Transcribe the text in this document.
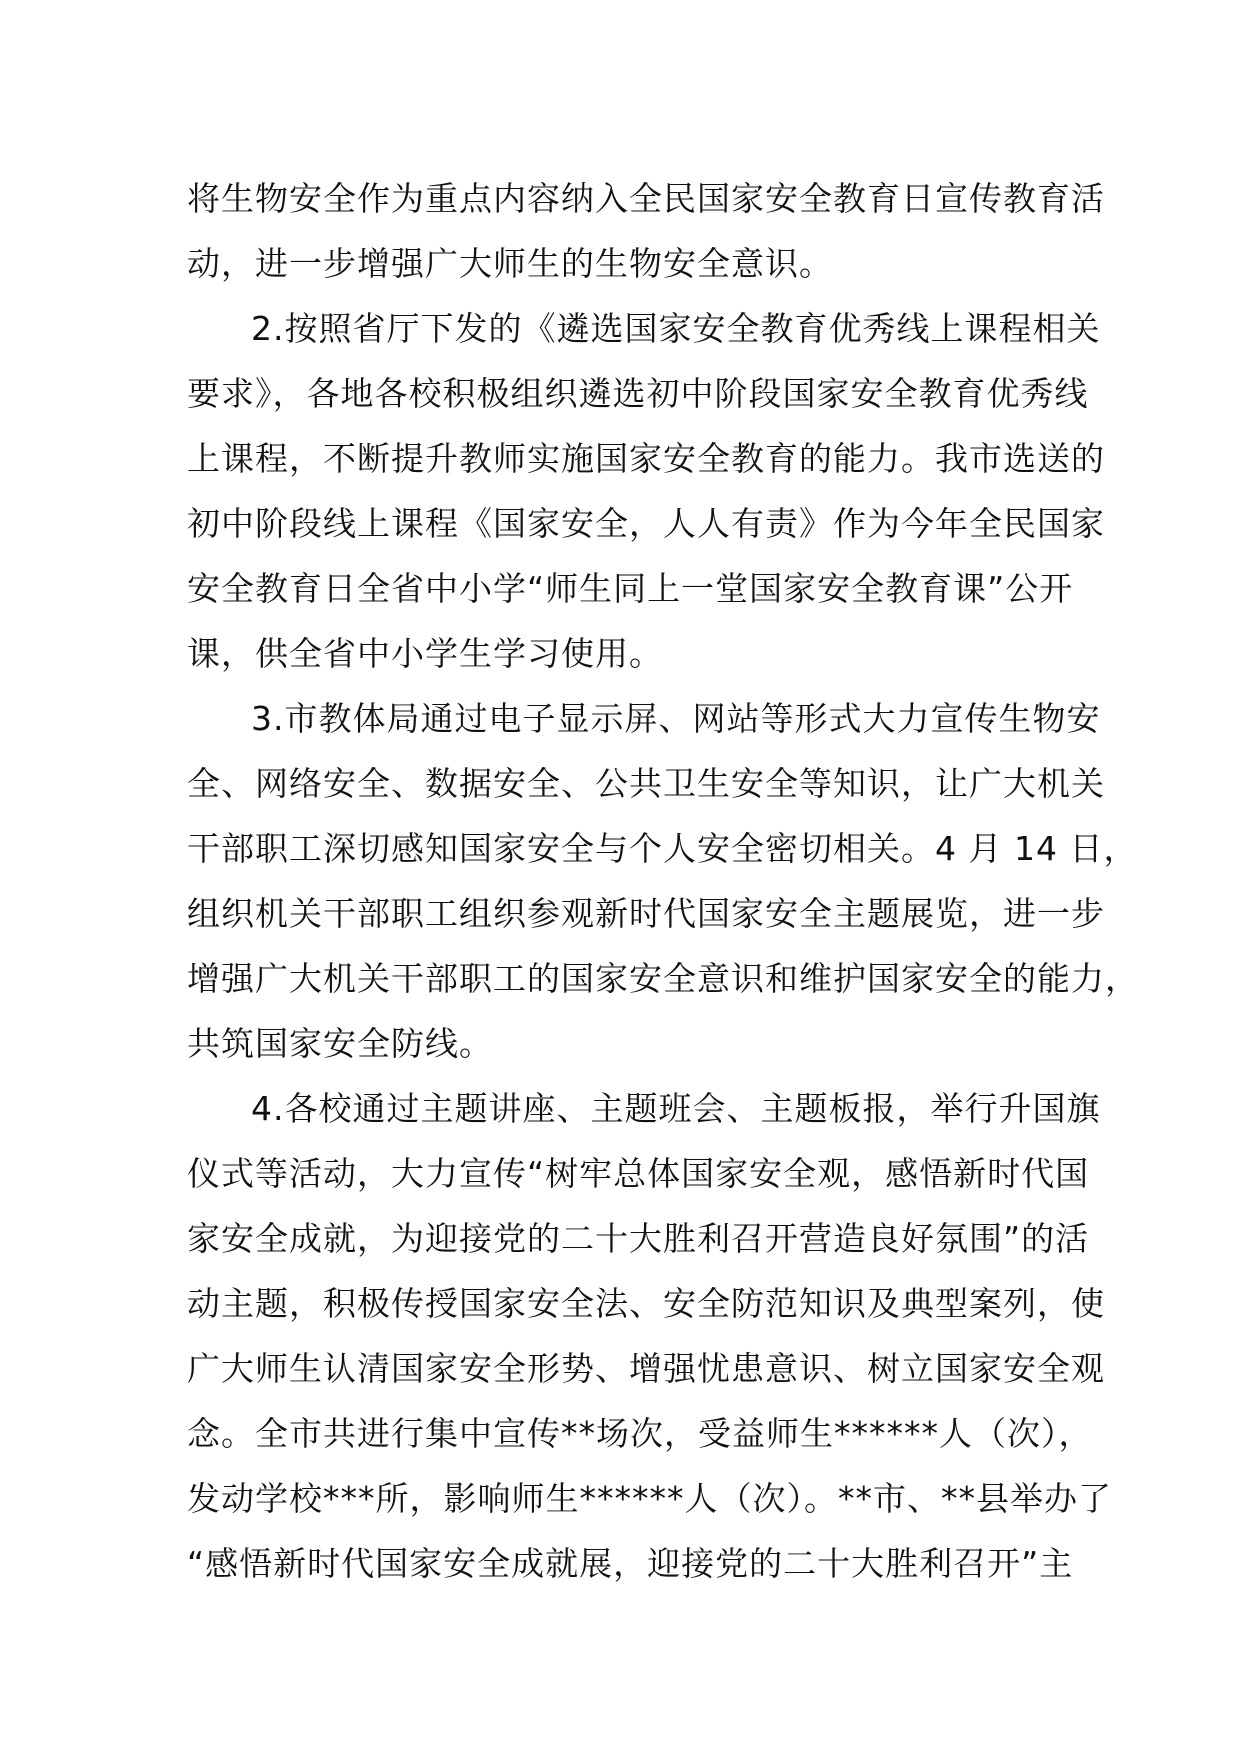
将生物安全作为重点内容纳入全民国家安全教育日宣传教育活
动，进一步增强广大师生的生物安全意识。
2.按照省厅下发的《遴选国家安全教育优秀线上课程相关
要求》，各地各校积极组织遴选初中阶段国家安全教育优秀线
上课程，不断提升教师实施国家安全教育的能力。我市选送的
初中阶段线上课程《国家安全，人人有责》作为今年全民国家
安全教育日全省中小学“师生同上一堂国家安全教育课”公开
课，供全省中小学生学习使用。
3.市教体局通过电子显示屏、网站等形式大力宣传生物安
全、网络安全、数据安全、公共卫生安全等知识，让广大机关
干部职工深切感知国家安全与个人安全密切相关。4 月 14 日，
组织机关干部职工组织参观新时代国家安全主题展览，进一步
增强广大机关干部职工的国家安全意识和维护国家安全的能力，
共筑国家安全防线。
4.各校通过主题讲座、主题班会、主题板报，举行升国旗
仪式等活动，大力宣传“树牢总体国家安全观，感悟新时代国
家安全成就，为迎接党的二十大胜利召开营造良好氛围”的活
动主题，积极传授国家安全法、安全防范知识及典型案列，使
广大师生认清国家安全形势、增强忧患意识、树立国家安全观
念。全市共进行集中宣传**场次，受益师生******人（次），
发动学校***所，影响师生******人（次）。**市、**县举办了
“感悟新时代国家安全成就展，迎接党的二十大胜利召开”主
